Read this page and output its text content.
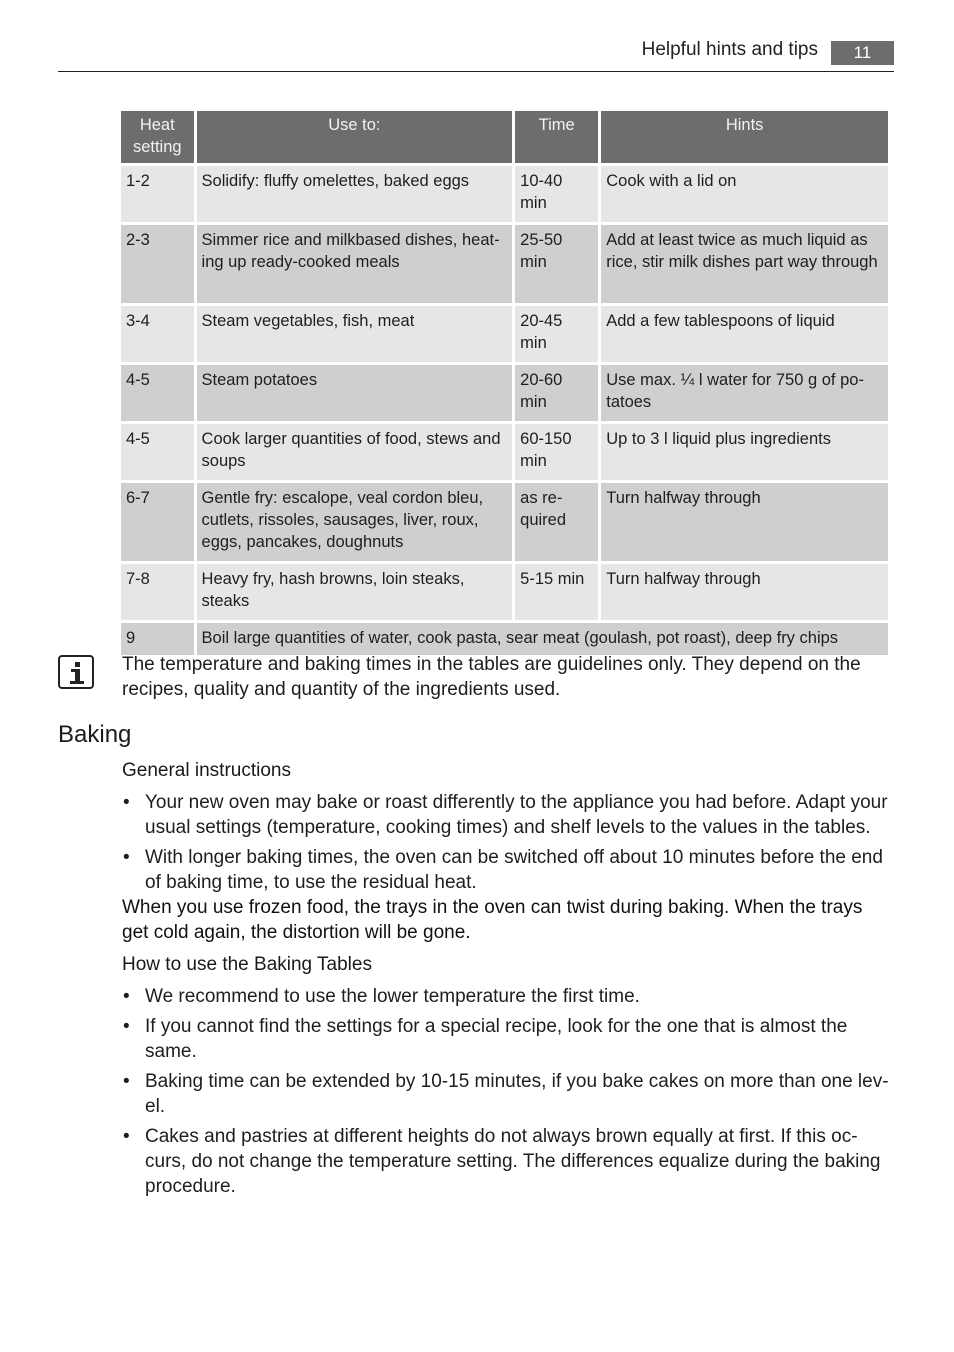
Helpful hints and tips	11
Heat setting	Use to:	Time	Hints
1-2	Solidify: fluffy omelettes, baked eggs	10-40 min	Cook with a lid on
2-3	Simmer rice and milkbased dishes, heat-ing up ready-cooked meals	25-50 min	Add at least twice as much liquid as rice, stir milk dishes part way through
3-4	Steam vegetables, fish, meat	20-45 min	Add a few tablespoons of liquid
4-5	Steam potatoes	20-60 min	Use max. ¼ l water for 750 g of po-tatoes
4-5	Cook larger quantities of food, stews and soups	60-150 min	Up to 3 l liquid plus ingredients
6-7	Gentle fry: escalope, veal cordon bleu, cutlets, rissoles, sausages, liver, roux, eggs, pancakes, doughnuts	as re-quired	Turn halfway through
7-8	Heavy fry, hash browns, loin steaks, steaks	5-15 min	Turn halfway through
9	Boil large quantities of water, cook pasta, sear meat (goulash, pot roast), deep fry chips		
The temperature and baking times in the tables are guidelines only. They depend on the recipes, quality and quantity of the ingredients used.
Baking
General instructions
• Your new oven may bake or roast differently to the appliance you had before. Adapt your usual settings (temperature, cooking times) and shelf levels to the values in the tables.
• With longer baking times, the oven can be switched off about 10 minutes before the end of baking time, to use the residual heat.
When you use frozen food, the trays in the oven can twist during baking. When the trays get cold again, the distortion will be gone.
How to use the Baking Tables
• We recommend to use the lower temperature the first time.
• If you cannot find the settings for a special recipe, look for the one that is almost the same.
• Baking time can be extended by 10-15 minutes, if you bake cakes on more than one lev-el.
• Cakes and pastries at different heights do not always brown equally at first. If this oc-curs, do not change the temperature setting. The differences equalize during the baking procedure.
